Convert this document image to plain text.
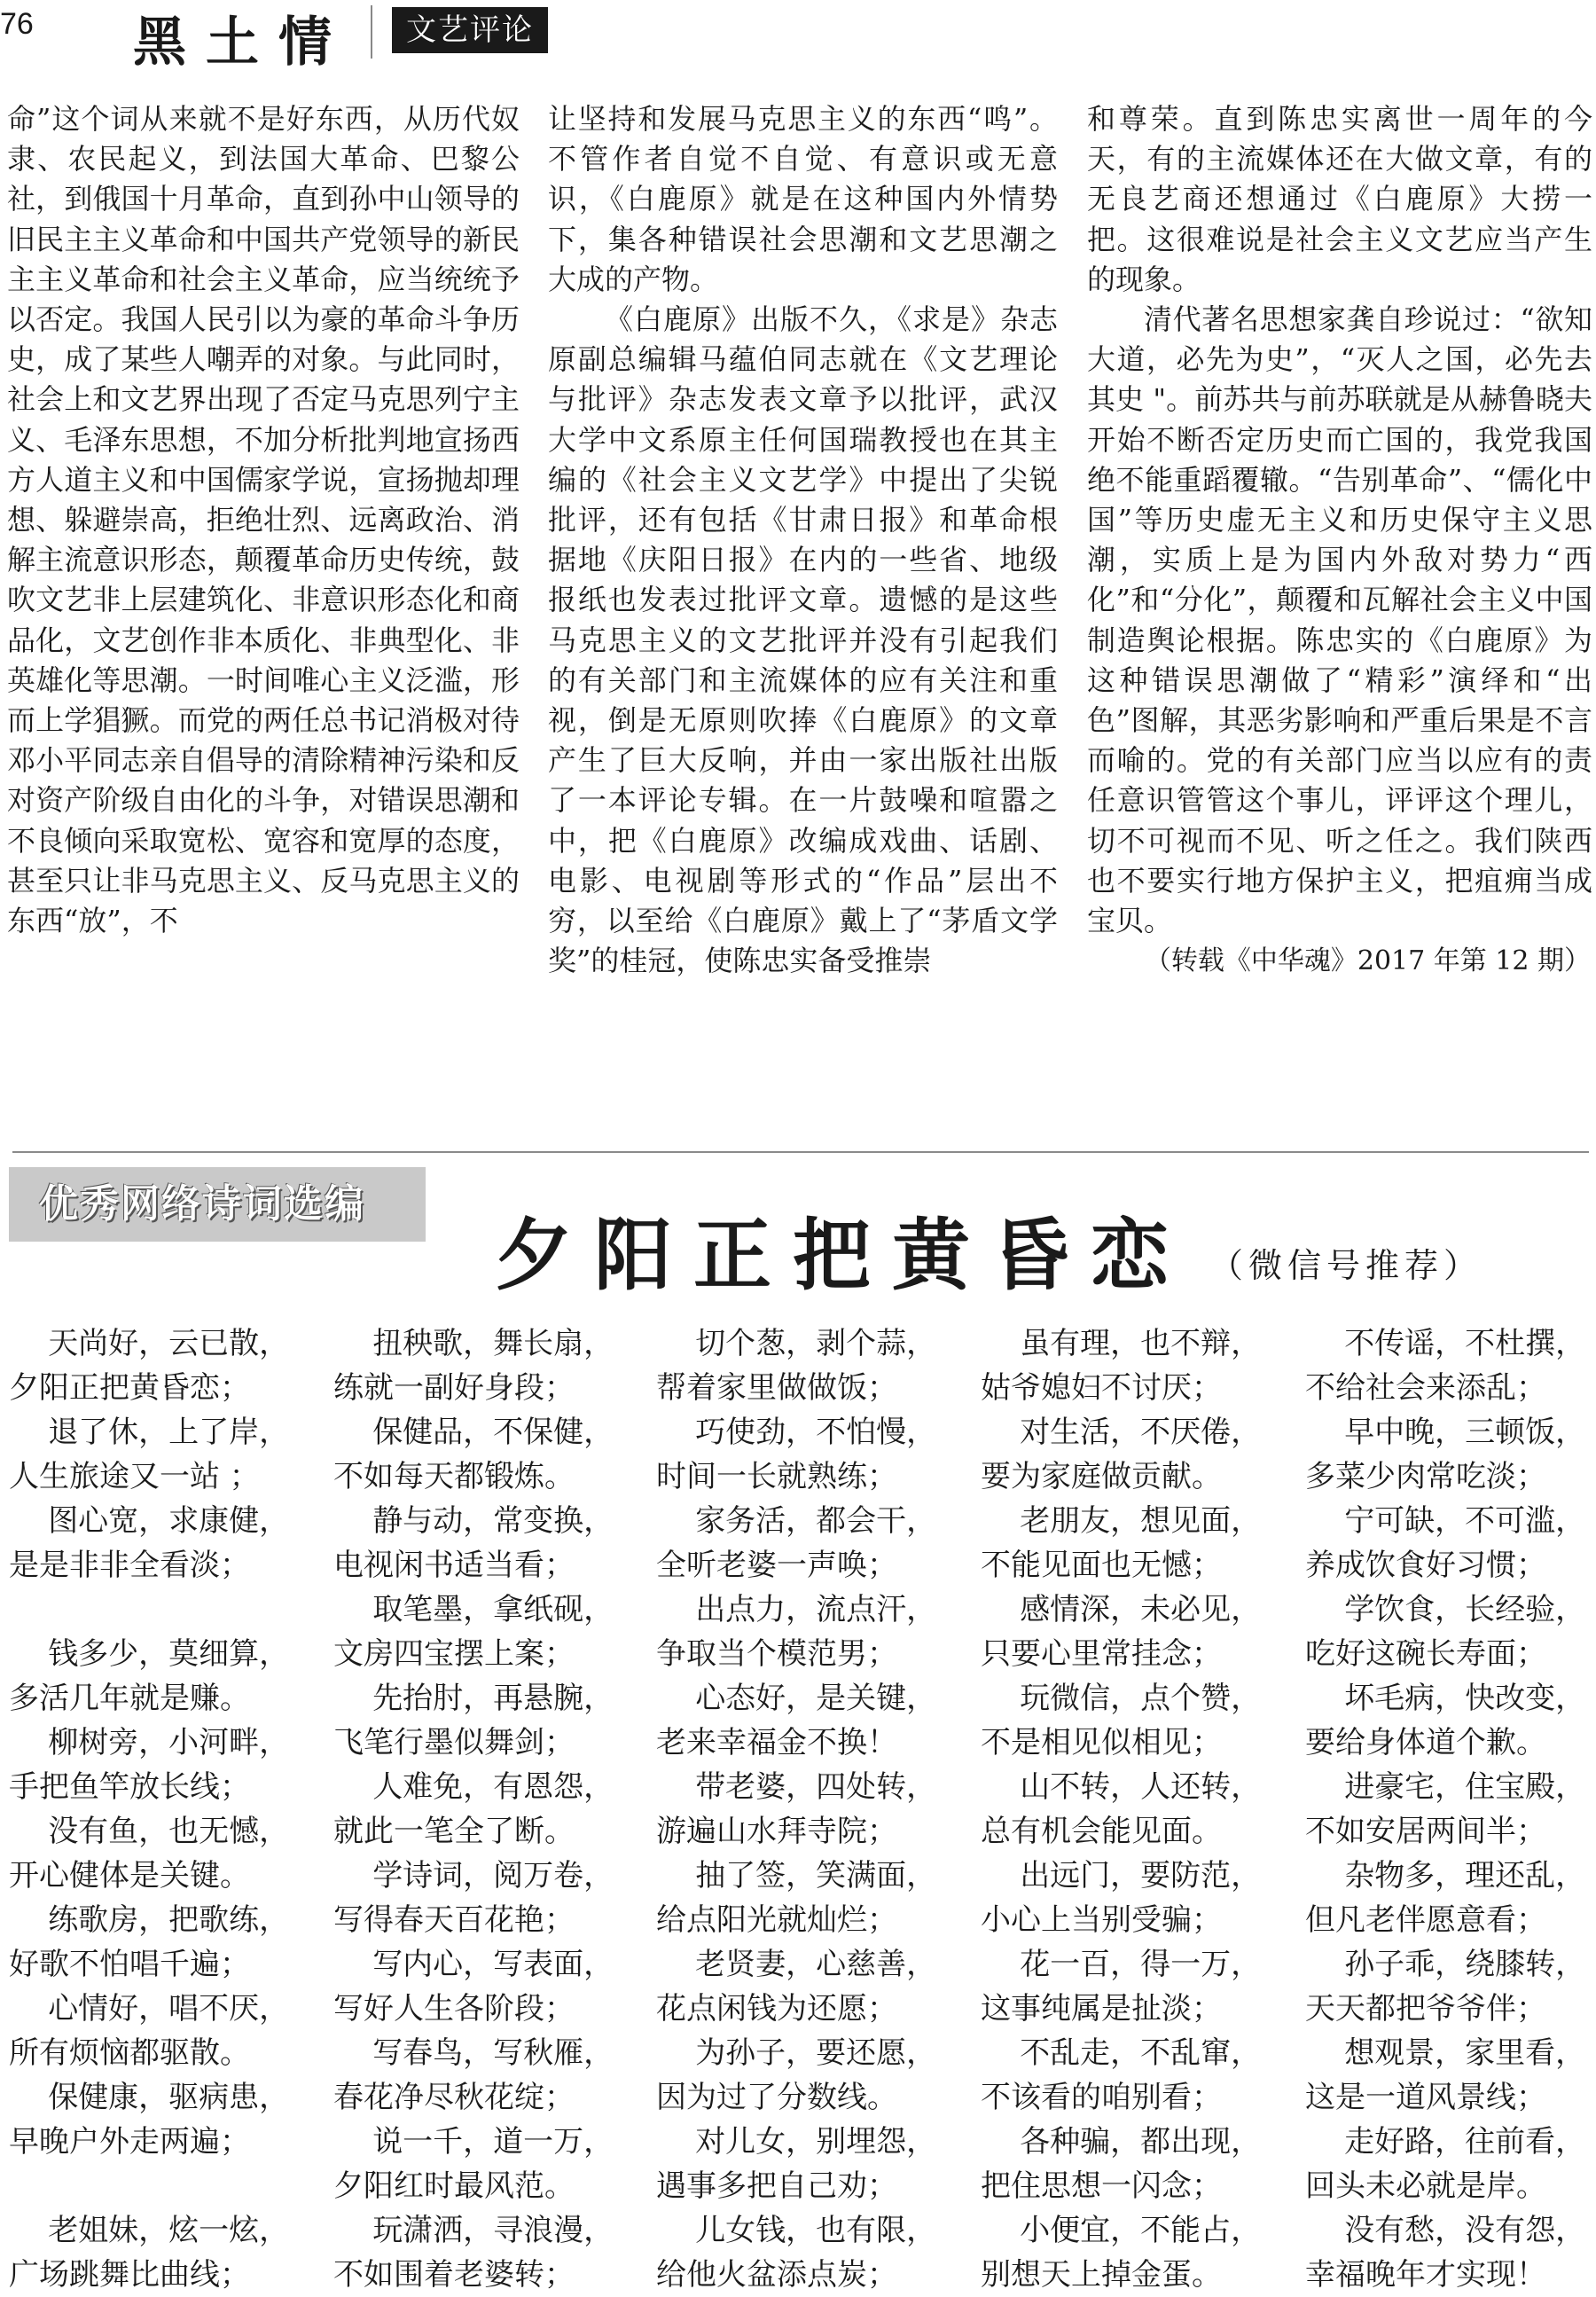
76 黑土情	文艺评论

命”这个词从来就不是好东西，从历代奴隶、农民起义，到法国大革命、巴黎公社，到俄国十月革命，直到孙中山领导的旧民主主义革命和中国共产党领导的新民主主义革命和社会主义革命，应当统统予以否定。我国人民引以为豪的革命斗争历史，成了某些人嘲弄的对象。与此同时，社会上和文艺界出现了否定马克思列宁主义、毛泽东思想，不加分析批判地宣扬西方人道主义和中国儒家学说，宣扬抛却理想、躲避崇高，拒绝壮烈、远离政治、消解主流意识形态，颠覆革命历史传统，鼓吹文艺非上层建筑化、非意识形态化和商品化，文艺创作非本质化、非典型化、非英雄化等思潮。一时间唯心主义泛滥，形而上学猖獗。而党的两任总书记消极对待邓小平同志亲自倡导的清除精神污染和反对资产阶级自由化的斗争，对错误思潮和不良倾向采取宽松、宽容和宽厚的态度，甚至只让非马克思主义、反马克思主义的东西“放”，不

让坚持和发展马克思主义的东西“鸣”。不管作者自觉不自觉、有意识或无意识，《白鹿原》就是在这种国内外情势下，集各种错误社会思潮和文艺思潮之大成的产物。

《白鹿原》出版不久，《求是》杂志原副总编辑马蕴伯同志就在《文艺理论与批评》杂志发表文章予以批评，武汉大学中文系原主任何国瑞教授也在其主编的《社会主义文艺学》中提出了尖锐批评，还有包括《甘肃日报》和革命根据地《庆阳日报》在内的一些省、地级报纸也发表过批评文章。遗憾的是这些马克思主义的文艺批评并没有引起我们的有关部门和主流媒体的应有关注和重视，倒是无原则吹捧《白鹿原》的文章产生了巨大反响，并由一家出版社出版了一本评论专辑。在一片鼓噪和喧嚣之中，把《白鹿原》改编成戏曲、话剧、电影、电视剧等形式的“作品”层出不穷，以至给《白鹿原》戴上了“茅盾文学奖”的桂冠，使陈忠实备受推崇

和尊荣。直到陈忠实离世一周年的今天，有的主流媒体还在大做文章，有的无良艺商还想通过《白鹿原》大捞一把。这很难说是社会主义文艺应当产生的现象。

清代著名思想家龚自珍说过：“欲知大道，必先为史”，“灭人之国，必先去其史 "。前苏共与前苏联就是从赫鲁晓夫开始不断否定历史而亡国的，我党我国绝不能重蹈覆辙。“告别革命”、“儒化中国”等历史虚无主义和历史保守主义思潮，实质上是为国内外敌对势力“西化”和“分化”，颠覆和瓦解社会主义中国制造舆论根据。陈忠实的《白鹿原》为这种错误思潮做了“精彩”演绎和“出色”图解，其恶劣影响和严重后果是不言而喻的。党的有关部门应当以应有的责任意识管管这个事儿，评评这个理儿，切不可视而不见、听之任之。我们陕西也不要实行地方保护主义，把疽痈当成宝贝。

（转载《中华魂》2017 年第 12 期）

优秀网络诗词选编
夕阳正把黄昏恋 （微信号推荐）
天尚好，云已散，
夕阳正把黄昏恋；
退了休，上了岸，
人生旅途又一站 ；
图心宽，求康健，
是是非非全看淡；
钱多少，莫细算，
多活几年就是赚。
柳树旁，小河畔，
手把鱼竿放长线；
没有鱼，也无憾，
开心健体是关键。
练歌房，把歌练，
好歌不怕唱千遍；
心情好，唱不厌，
所有烦恼都驱散。
保健康，驱病患，
早晚户外走两遍；
老姐妹，炫一炫，
广场跳舞比曲线；
扭秧歌，舞长扇，
练就一副好身段；
保健品，不保健，
不如每天都锻炼。
静与动，常变换，
电视闲书适当看；
取笔墨，拿纸砚，
文房四宝摆上案；
先抬肘，再悬腕，
飞笔行墨似舞剑；
人难免，有恩怨，
就此一笔全了断。
学诗词，阅万卷，
写得春天百花艳；
写内心，写表面，
写好人生各阶段；
写春鸟，写秋雁，
春花净尽秋花绽；
说一千，道一万，
夕阳红时最风范。
玩潇洒，寻浪漫，
不如围着老婆转；
切个葱，剥个蒜，
帮着家里做做饭；
巧使劲，不怕慢，
时间一长就熟练；
家务活，都会干，
全听老婆一声唤；
出点力，流点汗，
争取当个模范男；
心态好，是关键，
老来幸福金不换！
带老婆，四处转，
游遍山水拜寺院；
抽了签，笑满面，
给点阳光就灿烂；
老贤妻，心慈善，
花点闲钱为还愿；
为孙子，要还愿，
因为过了分数线。
对儿女，别埋怨，
遇事多把自己劝；
儿女钱，也有限，
给他火盆添点炭；
虽有理，也不辩，
姑爷媳妇不讨厌；
对生活，不厌倦，
要为家庭做贡献。
老朋友，想见面，
不能见面也无憾；
感情深，未必见，
只要心里常挂念；
玩微信，点个赞，
不是相见似相见；
山不转，人还转，
总有机会能见面。
出远门，要防范，
小心上当别受骗；
花一百，得一万，
这事纯属是扯淡；
不乱走，不乱窜，
不该看的咱别看；
各种骗，都出现，
把住思想一闪念；
小便宜，不能占，
别想天上掉金蛋。
不传谣，不杜撰，
不给社会来添乱；
早中晚，三顿饭，
多菜少肉常吃淡；
宁可缺，不可滥，
养成饮食好习惯；
学饮食，长经验，
吃好这碗长寿面；
坏毛病，快改变，
要给身体道个歉。
进豪宅，住宝殿，
不如安居两间半；
杂物多，理还乱，
但凡老伴愿意看；
孙子乖，绕膝转，
天天都把爷爷伴；
想观景，家里看，
这是一道风景线；
走好路，往前看，
回头未必就是岸。
没有愁，没有怨，
幸福晚年才实现！
